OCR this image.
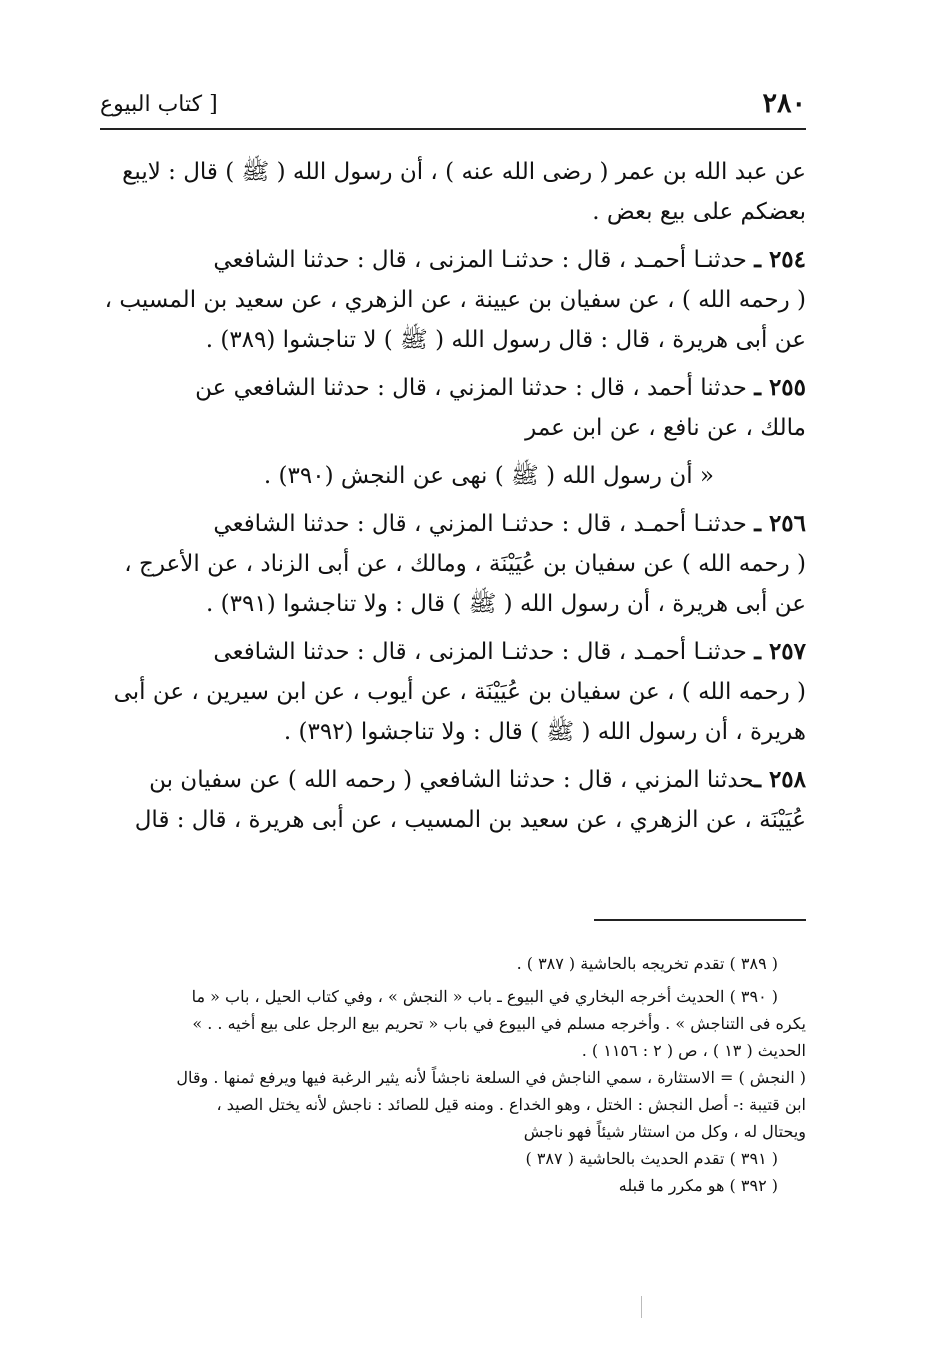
٢٨٠
[ كتاب البيوع

عن عبد الله بن عمر ( رضى الله عنه ) ، أن رسول الله ( ﷺ ) قال : لايبع
بعضكم على بيع بعض .

٢٥٤ ـ حدثنـا أحمـد ، قال : حدثنـا المزنى ، قال : حدثنا الشافعي
( رحمه الله ) ، عن سفيان بن عيينة ، عن الزهري ، عن سعيد بن المسيب ،
عن أبى هريرة ، قال : قال رسول الله ( ﷺ ) لا تناجشوا (٣٨٩) .

٢٥٥ ـ حدثنا أحمد ، قال : حدثنا المزني ، قال : حدثنا الشافعي عن
مالك ، عن نافع ، عن ابن عمر

« أن رسول الله ( ﷺ ) نهى عن النجش (٣٩٠) .

٢٥٦ ـ حدثنـا أحمـد ، قال : حدثنـا المزني ، قال : حدثنا الشافعي
( رحمه الله ) عن سفيان بن عُيَيْنَة ، ومالك ، عن أبى الزناد ، عن الأعرج ،
عن أبى هريرة ، أن رسول الله ( ﷺ ) قال : ولا تناجشوا (٣٩١) .

٢٥٧ ـ حدثنـا أحمـد ، قال : حدثنـا المزنى ، قال : حدثنا الشافعى
( رحمه الله ) ، عن سفيان بن عُيَيْنَة ، عن أيوب ، عن ابن سيرين ، عن أبى
هريرة ، أن رسول الله ( ﷺ ) قال : ولا تناجشوا (٣٩٢) .

٢٥٨ ـحدثنا المزني ، قال : حدثنا الشافعي ( رحمه الله ) عن سفيان بن
عُيَيْنَة ، عن الزهري ، عن سعيد بن المسيب ، عن أبى هريرة ، قال : قال

( ٣٨٩ ) تقدم تخريجه بالحاشية ( ٣٨٧ ) .

( ٣٩٠ ) الحديث أخرجه البخاري في البيوع ـ باب « النجش » ، وفي كتاب الحيل ، باب « ما

يكره فى التناجش » . وأخرجه مسلم في البيوع في باب « تحريم بيع الرجل على بيع أخيه . . »
الحديث ( ١٣ ) ، ص ( ٢ : ١١٥٦ ) .

( النجش ) = الاستثارة ، سمي الناجش في السلعة ناجشاً لأنه يثير الرغبة فيها ويرفع ثمنها . وقال
ابن قتيبة :- أصل النجش : الختل ، وهو الخداع . ومنه قيل للصائد : ناجش لأنه يختل الصيد ،
ويحتال له ، وكل من استثار شيئاً فهو ناجش

( ٣٩١ ) تقدم الحديث بالحاشية ( ٣٨٧ )

( ٣٩٢ ) هو مكرر ما قبله
